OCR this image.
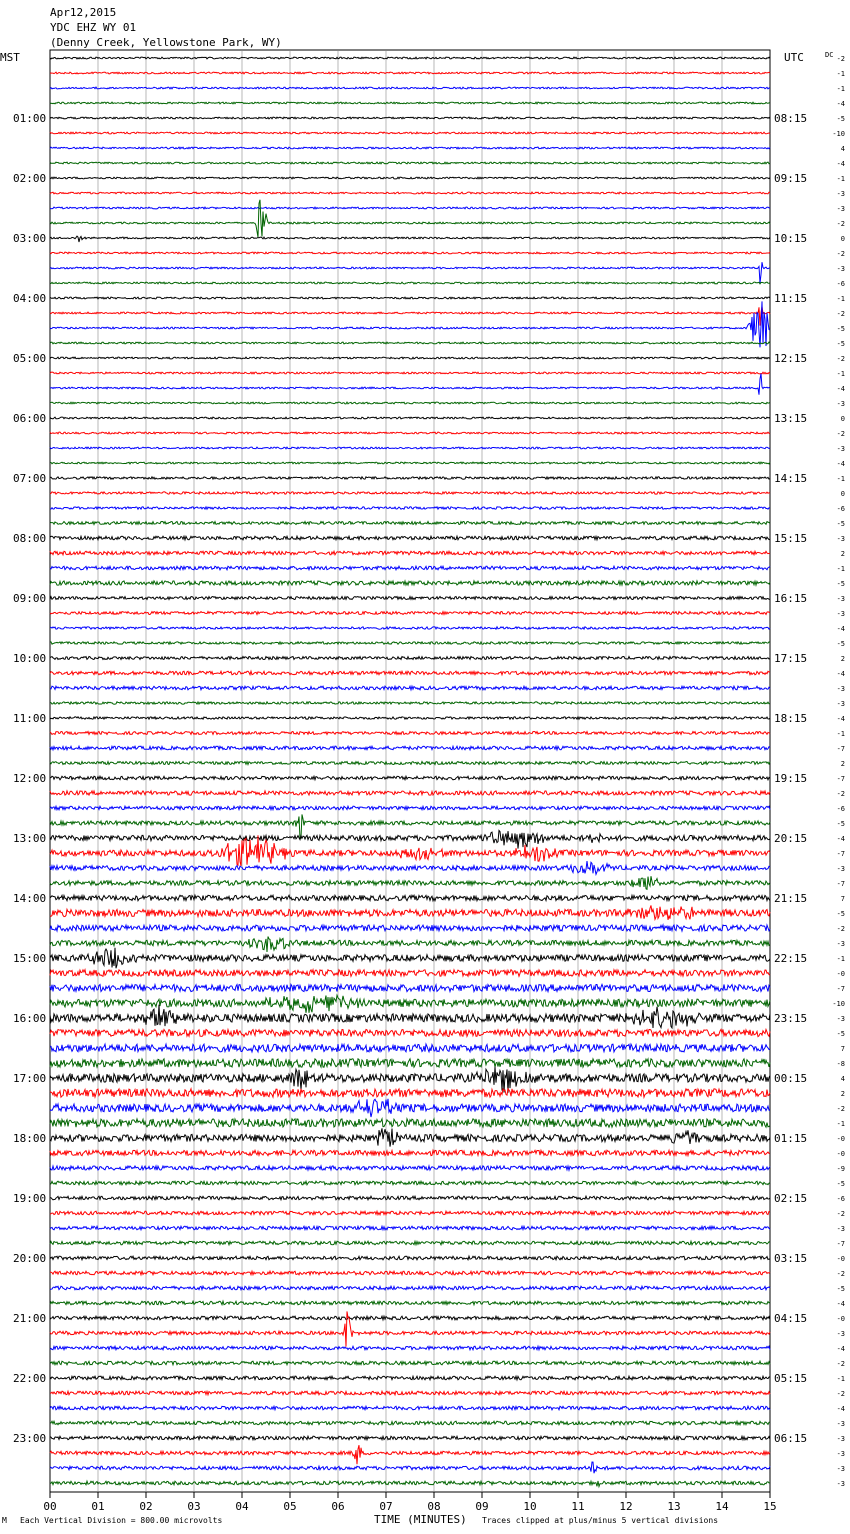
Apr12,2015
YDC EHZ WY 01
(Denny Creek, Yellowstone Park, WY)
MST	UTC	DC
01:00
02:00
03:00
04:00
05:00
06:00
07:00
08:00
09:00
10:00
11:00
12:00
13:00
14:00
15:00
16:00
17:00
18:00
19:00
20:00
21:00
22:00
23:00
08:15
09:15
10:15
11:15
12:15
13:15
14:15
15:15
16:15
17:15
18:15
19:15
20:15
21:15
22:15
23:15
00:15
01:15
02:15
03:15
04:15
05:15
06:15
-2
-1
-1
-4
-5
-10
4
-4
-1
-3
-3
-2
0
-2
-3
-6
-1
-2
-5
-5
-2
-1
-4
-3
0
-2
-3
-4
-1
0
-6
-5
-3
2
-1
-5
-3
-3
-4
-5
2
-4
-3
-3
-4
-1
-7
2
-7
-2
-6
-5
-4
-7
-3
-7
7
-5
-2
-3
-1
-0
-7
-10
-3
-5
7
-8
4
2
-2
-1
-0
-0
-9
-5
-6
-2
-3
-7
-0
-2
-5
-4
-0
-3
-4
-2
-1
-2
-4
-3
-3
-3
-3
-3
00	01	02	03	04	05	06	07	08	09	10	11	12	13	14	15
M Each Vertical Division = 800.00 microvolts	TIME (MINUTES) Traces clipped at plus/minus 5 vertical divisions
